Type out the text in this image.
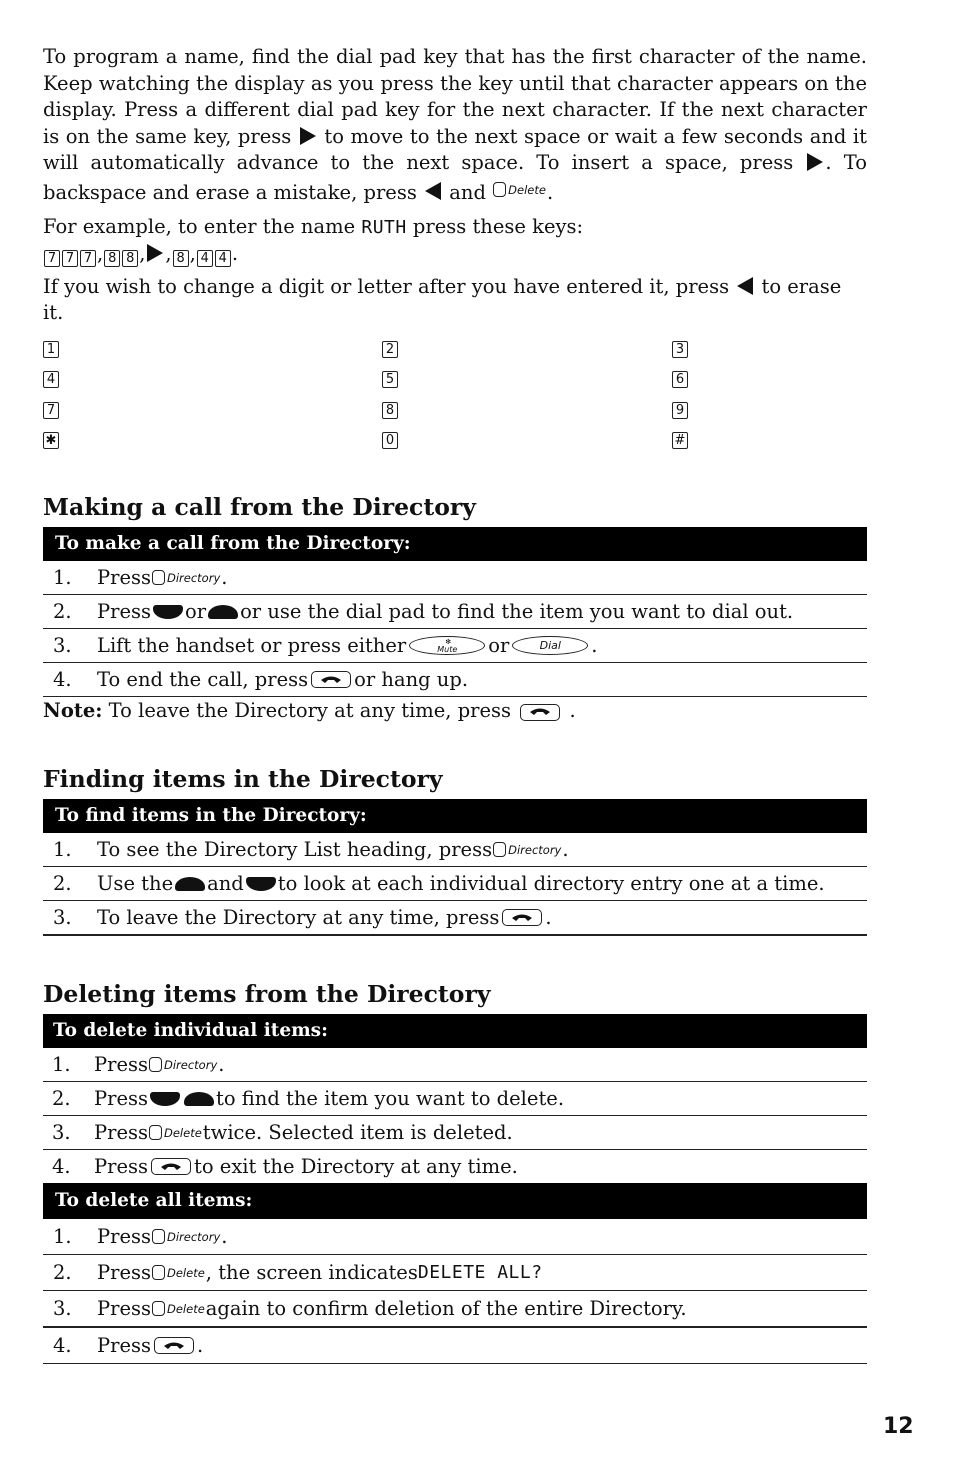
To program a name, find the dial pad key that has the first character of the name. Keep watching the display as you press the key until that character appears on the display. Press a different dial pad key for the next character. If the next character is on the same key, press  to move to the next space or wait a few seconds and it will automatically advance to the next space. To insert a space, press . To backspace and erase a mistake, press  and Delete .

For example, to enter the name RUTH press these keys:

7 7 7 , 8 8 , , 8 , 4 4 .

If you wish to change a digit or letter after you have entered it, press  to erase it.

1	2	3
4	5	6
7	8	9
✱	0	#
Making a call from the Directory
To make a call from the Directory:
1.	Press Directory .
2.	Press or or use the dial pad to find the item you want to dial out.
3.	Lift the handset or press either	✻
Mute or	Dial .
4.	To end the call, press or hang up.
Note: To leave the Directory at any time, press
.
Finding items in the Directory
To find items in the Directory:
1.	To see the Directory List heading, press Directory .
2.	Use the and to look at each individual directory entry one at a time.
3.	To leave the Directory at any time, press .
Deleting items from the Directory
To delete individual items:
1.	Press Directory .
2.	Press	to find the item you want to delete.
3.	Press Delete twice. Selected item is deleted.
4.	Press to exit the Directory at any time.
To delete all items:
1.	Press Directory .
2.	Press Delete , the screen indicates DELETE ALL?
3.	Press Delete again to confirm deletion of the entire Directory.
4.	Press .
12
